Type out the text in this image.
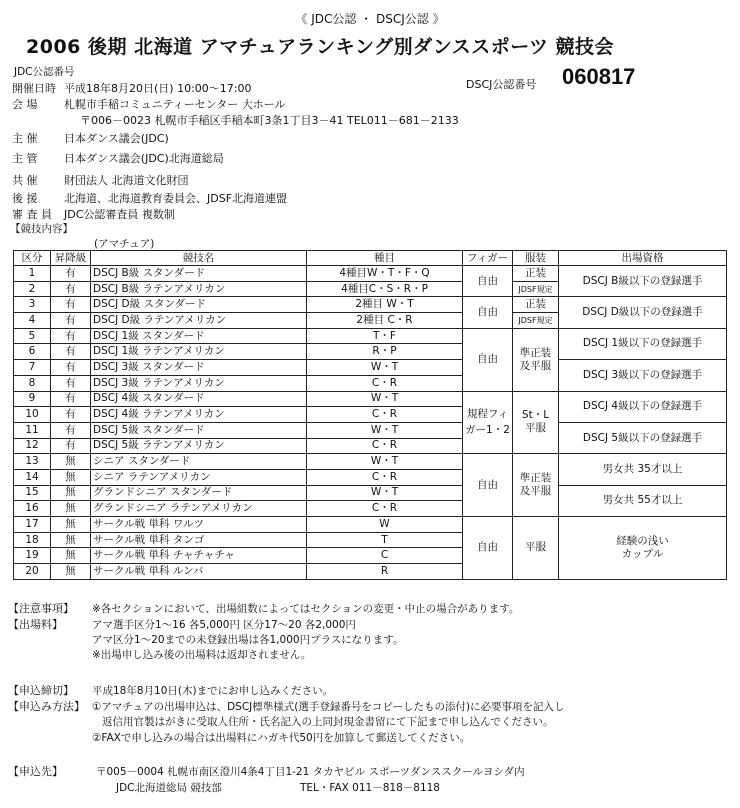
《 JDC公認 ・ DSCJ公認 》
2006 後期 北海道 アマチュアランキング別ダンススポーツ 競技会
JDC公認番号
DSCJ公認番号 060817
開催日時 平成18年8月20日(日) 10:00～17:00
会 場 札幌市手稲コミュニティーセンター 大ホール
〒006－0023 札幌市手稲区手稲本町3条1丁目3－41 TEL011－681－2133
主 催 日本ダンス議会(JDC)
主 管 日本ダンス議会(JDC)北海道総局
共 催 財団法人 北海道文化財団
後 援 北海道、北海道教育委員会、JDSF北海道連盟
審 査 員 JDC公認審査員 複数制
【競技内容】
(アマチュア)
区分	昇降級	競技名	種目	フィガー	服装	出場資格
1	有	DSCJ B級 スタンダード	4種目W・T・F・Q	自由	正装	DSCJ B級以下の登録選手
2	有	DSCJ B級 ラテンアメリカン	4種目C・S・R・P		JDSF規定	
3	有	DSCJ D級 スタンダード	2種目 W・T	自由	正装	DSCJ D級以下の登録選手
4	有	DSCJ D級 ラテンアメリカン	2種目 C・R		JDSF規定	
5	有	DSCJ 1級 スタンダード	T・F	自由	準正装
及平服	DSCJ 1級以下の登録選手
6	有	DSCJ 1級 ラテンアメリカン	R・P			
7	有	DSCJ 3級 スタンダード	W・T			DSCJ 3級以下の登録選手
8	有	DSCJ 3級 ラテンアメリカン	C・R			
9	有	DSCJ 4級 スタンダード	W・T	規程フィガー1・2	St・L
平服	DSCJ 4級以下の登録選手
10	有	DSCJ 4級 ラテンアメリカン	C・R			
11	有	DSCJ 5級 スタンダード	W・T			DSCJ 5級以下の登録選手
12	有	DSCJ 5級 ラテンアメリカン	C・R			
13	無	シニア スタンダード	W・T	自由	準正装
及平服	男女共 35才以上
14	無	シニア ラテンアメリカン	C・R			
15	無	グランドシニア スタンダード	W・T			男女共 55才以上
16	無	グランドシニア ラテンアメリカン	C・R			
17	無	サークル戦 単科 ワルツ	W	自由	平服	経験の浅い
カップル
18	無	サークル戦 単科 タンゴ	T			
19	無	サークル戦 単科 チャチャチャ	C			
20	無	サークル戦 単科 ルンバ	R			
【注意事項】 ※各セクションにおいて、出場組数によってはセクションの変更・中止の場合があります。
【出場料】	アマ選手区分1～16 各5,000円 区分17～20 各2,000円
アマ区分1～20までの未登録出場は各1,000円プラスになります。
※出場申し込み後の出場料は返却されません。
【申込締切】 平成18年8月10日(木)までにお申し込みください。
【申込み方法】 ①アマチュアの出場申込は、DSCJ標準様式(選手登録番号をコピーしたもの添付)に必要事項を記入し
返信用官製はがきに受取人住所・氏名記入の上同封現金書留にて下記まで申し込んでください。
②FAXで申し込みの場合は出場料にハガキ代50円を加算して郵送してください。
【申込先】	〒005－0004 札幌市南区澄川4条4丁目1-21 タカヤビル スポーツダンススクールヨシダ内
JDC北海道総局 競技部	TEL・FAX 011－818－8118
